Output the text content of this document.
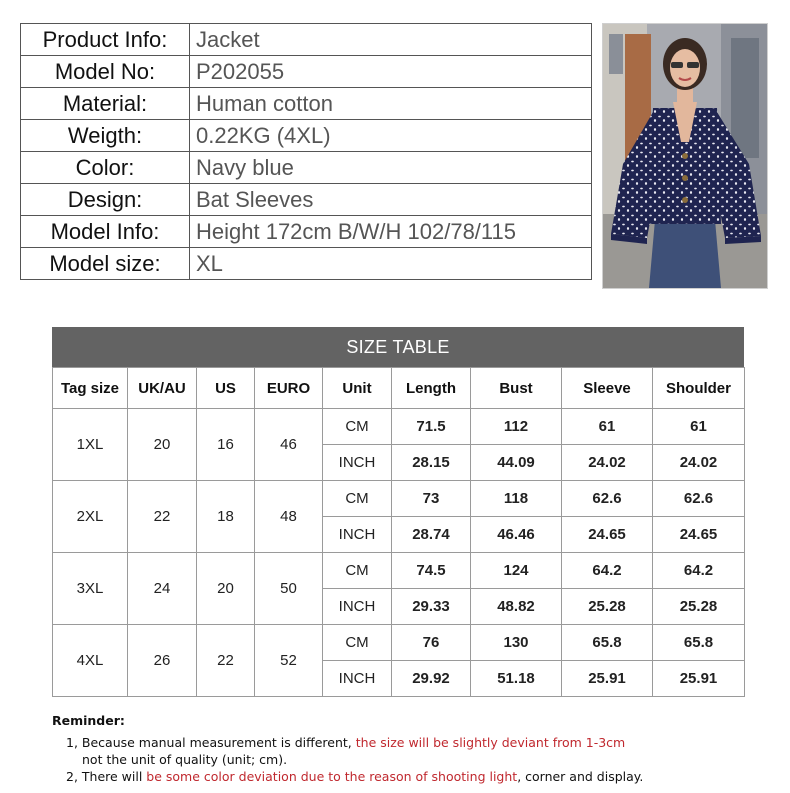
Product Info:	Jacket
Model No:	P202055
Material:	Human cotton
Weigth:	0.22KG (4XL)
Color:	Navy blue
Design:	Bat Sleeves
Model Info:	Height 172cm B/W/H 102/78/115
Model size:	XL
SIZE TABLE
Tag size	UK/AU	US	EURO	Unit	Length	Bust	Sleeve	Shoulder
1XL	20	16	46	CM	71.5	112	61	61
				INCH	28.15	44.09	24.02	24.02
2XL	22	18	48	CM	73	118	62.6	62.6
				INCH	28.74	46.46	24.65	24.65
3XL	24	20	50	CM	74.5	124	64.2	64.2
				INCH	29.33	48.82	25.28	25.28
4XL	26	22	52	CM	76	130	65.8	65.8
				INCH	29.92	51.18	25.91	25.91
Reminder:
1, Because manual measurement is different, the size will be slightly deviant from 1-3cm
not the unit of quality (unit; cm).
2, There will be some color deviation due to the reason of shooting light, corner and display.
